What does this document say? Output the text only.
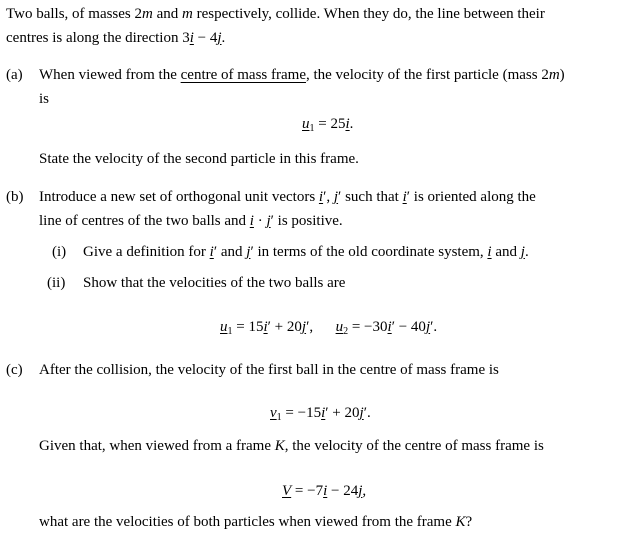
Two balls, of masses 2m and m respectively, collide. When they do, the line between their
centres is along the direction 3i − 4j.
(a) When viewed from the centre of mass frame, the velocity of the first particle (mass 2m)
is
$u_1 = 25i$.
State the velocity of the second particle in this frame.
(b) Introduce a new set of orthogonal unit vectors i′, j′ such that i′ is oriented along the
line of centres of the two balls and i · j′ is positive.
(i) Give a definition for i′ and j′ in terms of the old coordinate system, i and j.
(ii) Show that the velocities of the two balls are
$u_1 = 15i' + 20j'$,      $u_2 = -30i' - 40j'$.
(c) After the collision, the velocity of the first ball in the centre of mass frame is
$v_1 = -15i' + 20j'$.
Given that, when viewed from a frame K, the velocity of the centre of mass frame is
V = −7i − 24j,
what are the velocities of both particles when viewed from the frame K?
